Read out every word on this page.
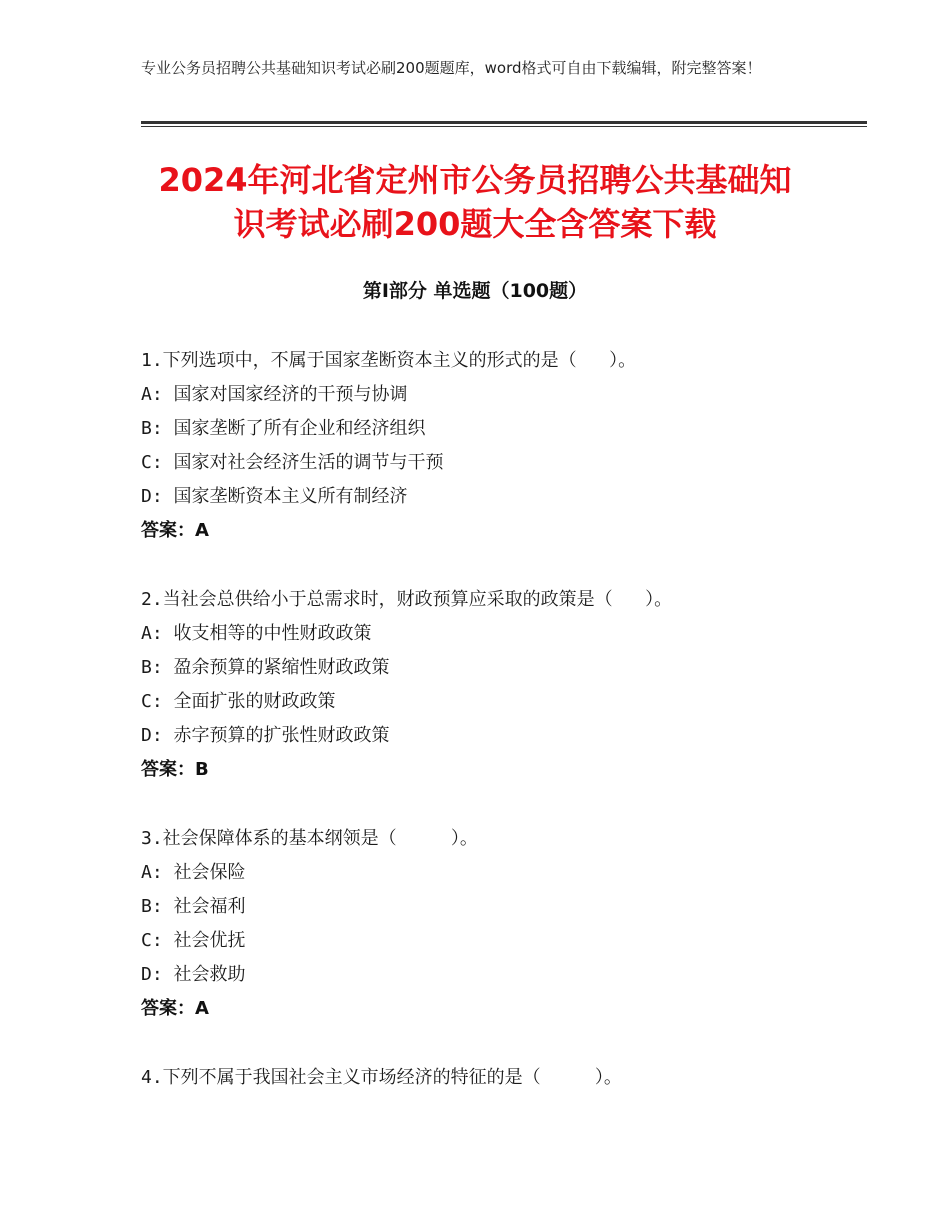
专业公务员招聘公共基础知识考试必刷200题题库，word格式可自由下载编辑，附完整答案！
2024年河北省定州市公务员招聘公共基础知
识考试必刷200题大全含答案下载
第I部分 单选题（100题）
1.下列选项中，不属于国家垄断资本主义的形式的是（   ）。
A: 国家对国家经济的干预与协调
B: 国家垄断了所有企业和经济组织
C: 国家对社会经济生活的调节与干预
D: 国家垄断资本主义所有制经济
答案：A
2.当社会总供给小于总需求时，财政预算应采取的政策是（   ）。
A: 收支相等的中性财政政策
B: 盈余预算的紧缩性财政政策
C: 全面扩张的财政政策
D: 赤字预算的扩张性财政政策
答案：B
3.社会保障体系的基本纲领是（     ）。
A: 社会保险
B: 社会福利
C: 社会优抚
D: 社会救助
答案：A
4.下列不属于我国社会主义市场经济的特征的是（     ）。
